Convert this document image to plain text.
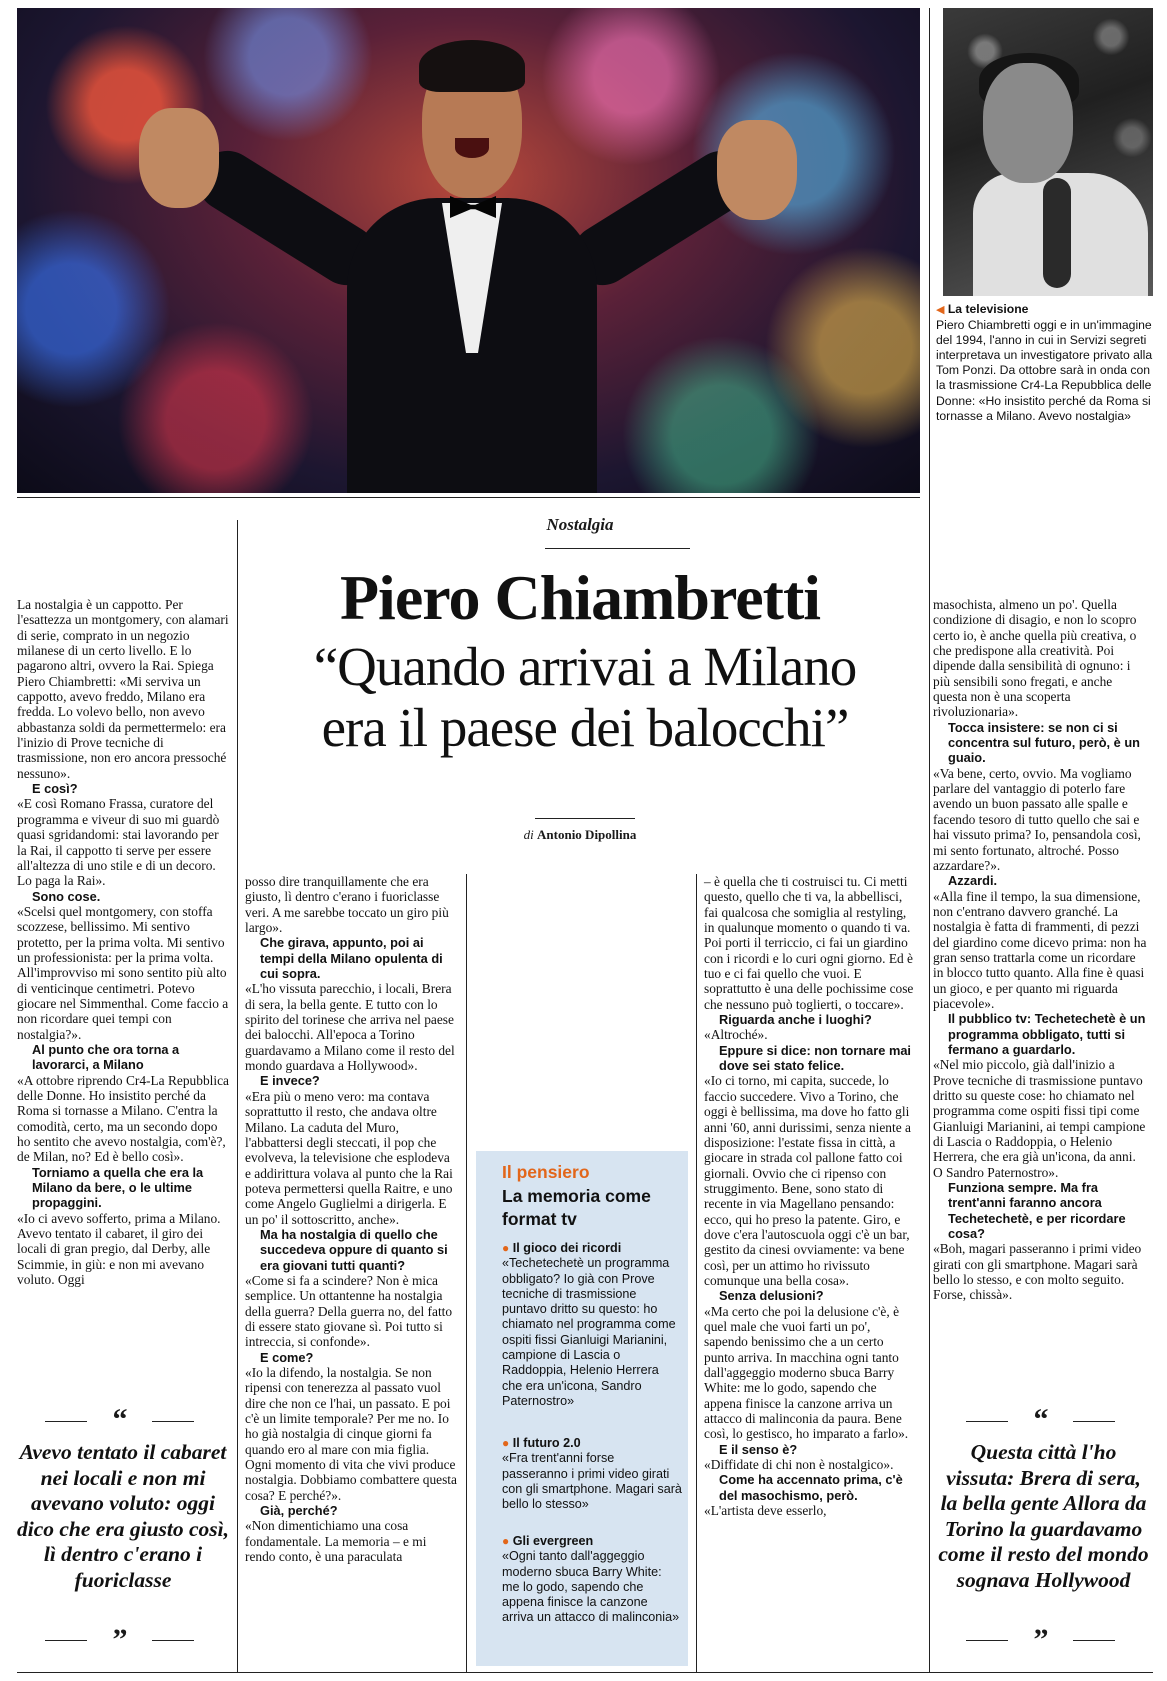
◀ La televisione
Piero Chiambretti oggi e in un'immagine del 1994, l'anno in cui in Servizi segreti interpretava un investigatore privato alla Tom Ponzi. Da ottobre sarà in onda con la trasmissione Cr4-La Repubblica delle Donne: «Ho insistito perché da Roma si tornasse a Milano. Avevo nostalgia»
Nostalgia
Piero Chiambretti
“Quando arrivai a Milano
era il paese dei balocchi”
di Antonio Dipollina

La nostalgia è un cappotto. Per l'esattezza un montgomery, con alamari di serie, comprato in un negozio milanese di un certo livello. E lo pagarono altri, ovvero la Rai. Spiega Piero Chiambretti: «Mi serviva un cappotto, avevo freddo, Milano era fredda. Lo volevo bello, non avevo abbastanza soldi da permettermelo: era l'inizio di Prove tecniche di trasmissione, non ero ancora pressoché nessuno».

E così?

«E così Romano Frassa, curatore del programma e viveur di suo mi guardò quasi sgridandomi: stai lavorando per la Rai, il cappotto ti serve per essere all'altezza di uno stile e di un decoro. Lo paga la Rai».

Sono cose.

«Scelsi quel montgomery, con stoffa scozzese, bellissimo. Mi sentivo protetto, per la prima volta. Mi sentivo un professionista: per la prima volta. All'improvviso mi sono sentito più alto di venticinque centimetri. Potevo giocare nel Simmenthal. Come faccio a non ricordare quei tempi con nostalgia?».

Al punto che ora torna a lavorarci, a Milano

«A ottobre riprendo Cr4-La Repubblica delle Donne. Ho insistito perché da Roma si tornasse a Milano. C'entra la comodità, certo, ma un secondo dopo ho sentito che avevo nostalgia, com'è?, de Milan, no? Ed è bello così».

Torniamo a quella che era la Milano da bere, o le ultime propaggini.

«Io ci avevo sofferto, prima a Milano. Avevo tentato il cabaret, il giro dei locali di gran pregio, dal Derby, alle Scimmie, in giù: e non mi avevano voluto. Oggi

“
Avevo tentato il cabaret nei locali e non mi avevano voluto: oggi dico che era giusto così, lì dentro c'erano i fuoriclasse
”

posso dire tranquillamente che era giusto, lì dentro c'erano i fuoriclasse veri. A me sarebbe toccato un giro più largo».

Che girava, appunto, poi ai tempi della Milano opulenta di cui sopra.

«L'ho vissuta parecchio, i locali, Brera di sera, la bella gente. E tutto con lo spirito del torinese che arriva nel paese dei balocchi. All'epoca a Torino guardavamo a Milano come il resto del mondo guardava a Hollywood».

E invece?

«Era più o meno vero: ma contava soprattutto il resto, che andava oltre Milano. La caduta del Muro, l'abbattersi degli steccati, il pop che evolveva, la televisione che esplodeva e addirittura volava al punto che la Rai poteva permettersi quella Raitre, e uno come Angelo Guglielmi a dirigerla. E un po' il sottoscritto, anche».

Ma ha nostalgia di quello che succedeva oppure di quanto si era giovani tutti quanti?

«Come si fa a scindere? Non è mica semplice. Un ottantenne ha nostalgia della guerra? Della guerra no, del fatto di essere stato giovane sì. Poi tutto si intreccia, si confonde».

E come?

«Io la difendo, la nostalgia. Se non ripensi con tenerezza al passato vuol dire che non ce l'hai, un passato. E poi c'è un limite temporale? Per me no. Io ho già nostalgia di cinque giorni fa quando ero al mare con mia figlia. Ogni momento di vita che vivi produce nostalgia. Dobbiamo combattere questa cosa? E perché?».

Già, perché?

«Non dimentichiamo una cosa fondamentale. La memoria – e mi rendo conto, è una paraculata

Il pensiero
La memoria come format tv
● Il gioco dei ricordi
«Techetechetè un programma obbligato? Io già con Prove tecniche di trasmissione puntavo dritto su questo: ho chiamato nel programma come ospiti fissi Gianluigi Marianini, campione di Lascia o Raddoppia, Helenio Herrera che era un'icona, Sandro Paternostro»
● Il futuro 2.0
«Fra trent'anni forse passeranno i primi video girati con gli smartphone. Magari sarà bello lo stesso»
● Gli evergreen
«Ogni tanto dall'aggeggio moderno sbuca Barry White: me lo godo, sapendo che appena finisce la canzone arriva un attacco di malinconia»

– è quella che ti costruisci tu. Ci metti questo, quello che ti va, la abbellisci, fai qualcosa che somiglia al restyling, in qualunque momento o quando ti va. Poi porti il terriccio, ci fai un giardino con i ricordi e lo curi ogni giorno. Ed è tuo e ci fai quello che vuoi. E soprattutto è una delle pochissime cose che nessuno può toglierti, o toccare».

Riguarda anche i luoghi?

«Altroché».

Eppure si dice: non tornare mai dove sei stato felice.

«Io ci torno, mi capita, succede, lo faccio succedere. Vivo a Torino, che oggi è bellissima, ma dove ho fatto gli anni '60, anni durissimi, senza niente a disposizione: l'estate fissa in città, a giocare in strada col pallone fatto coi giornali. Ovvio che ci ripenso con struggimento. Bene, sono stato di recente in via Magellano pensando: ecco, qui ho preso la patente. Giro, e dove c'era l'autoscuola oggi c'è un bar, gestito da cinesi ovviamente: va bene così, per un attimo ho rivissuto comunque una bella cosa».

Senza delusioni?

«Ma certo che poi la delusione c'è, è quel male che vuoi farti un po', sapendo benissimo che a un certo punto arriva. In macchina ogni tanto dall'aggeggio moderno sbuca Barry White: me lo godo, sapendo che appena finisce la canzone arriva un attacco di malinconia da paura. Bene così, lo gestisco, ho imparato a farlo».

E il senso è?

«Diffidate di chi non è nostalgico».

Come ha accennato prima, c'è del masochismo, però.

«L'artista deve esserlo,

masochista, almeno un po'. Quella condizione di disagio, e non lo scopro certo io, è anche quella più creativa, o che predispone alla creatività. Poi dipende dalla sensibilità di ognuno: i più sensibili sono fregati, e anche questa non è una scoperta rivoluzionaria».

Tocca insistere: se non ci si concentra sul futuro, però, è un guaio.

«Va bene, certo, ovvio. Ma vogliamo parlare del vantaggio di poterlo fare avendo un buon passato alle spalle e facendo tesoro di tutto quello che sai e hai vissuto prima? Io, pensandola così, mi sento fortunato, altroché. Posso azzardare?».

Azzardi.

«Alla fine il tempo, la sua dimensione, non c'entrano davvero granché. La nostalgia è fatta di frammenti, di pezzi del giardino come dicevo prima: non ha gran senso trattarla come un ricordare in blocco tutto quanto. Alla fine è quasi un gioco, e per quanto mi riguarda piacevole».

Il pubblico tv: Techetechetè è un programma obbligato, tutti si fermano a guardarlo.

«Nel mio piccolo, già dall'inizio a Prove tecniche di trasmissione puntavo dritto su queste cose: ho chiamato nel programma come ospiti fissi tipi come Gianluigi Marianini, ai tempi campione di Lascia o Raddoppia, o Helenio Herrera, che era già un'icona, da anni. O Sandro Paternostro».

Funziona sempre. Ma fra trent'anni faranno ancora Techetechetè, e per ricordare cosa?

«Boh, magari passeranno i primi video girati con gli smartphone. Magari sarà bello lo stesso, e con molto seguito. Forse, chissà».

“
Questa città l'ho vissuta: Brera di sera, la bella gente Allora da Torino la guardavamo come il resto del mondo sognava Hollywood
”
